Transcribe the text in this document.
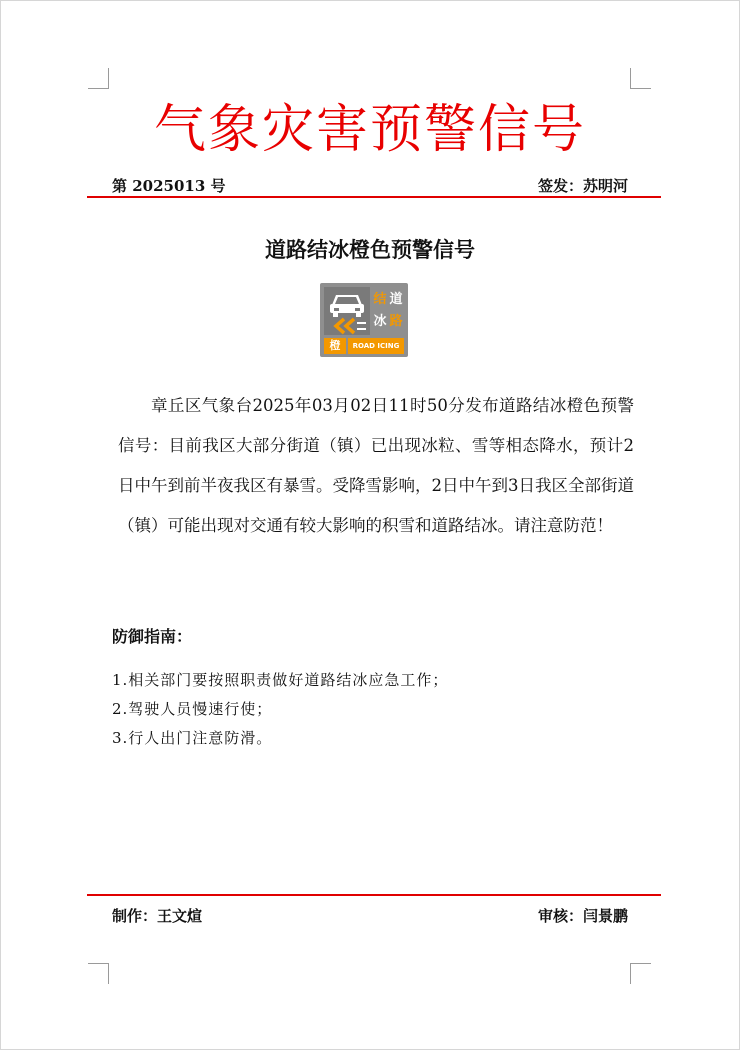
气象灾害预警信号
第 2025013 号	签发：苏明河
道路结冰橙色预警信号
结 道
冰 路
橙	ROAD ICING

章丘区气象台2025年03月02日11时50分发布道路结冰橙色预警信号：目前我区大部分街道（镇）已出现冰粒、雪等相态降水，预计2日中午到前半夜我区有暴雪。受降雪影响，2日中午到3日我区全部街道（镇）可能出现对交通有较大影响的积雪和道路结冰。请注意防范！

防御指南：
1.相关部门要按照职责做好道路结冰应急工作；
2.驾驶人员慢速行使；
3.行人出门注意防滑。
制作：王文煊	审核：闫景鹏
